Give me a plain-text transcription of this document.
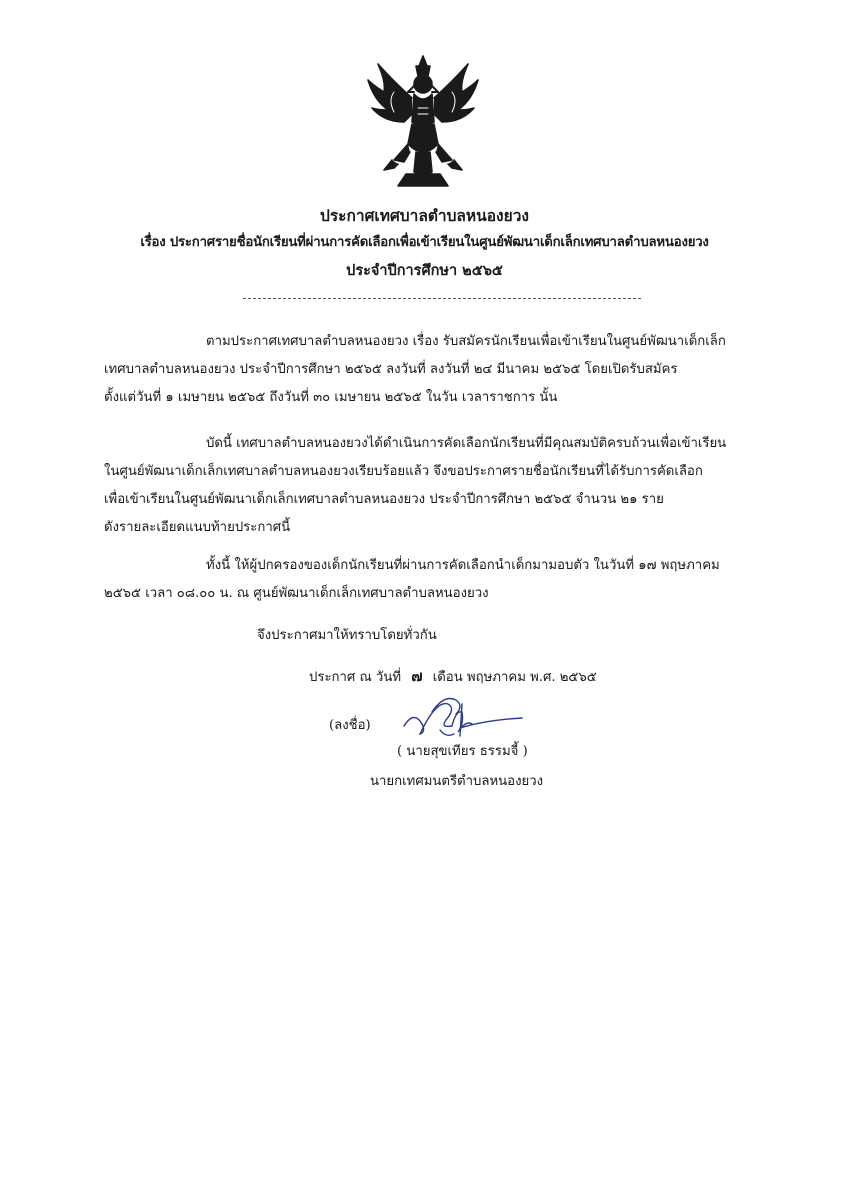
ประกาศเทศบาลตำบลหนองยวง
เรื่อง ประกาศรายชื่อนักเรียนที่ผ่านการคัดเลือกเพื่อเข้าเรียนในศูนย์พัฒนาเด็กเล็กเทศบาลตำบลหนองยวง
ประจำปีการศึกษา ๒๕๖๕
ตามประกาศเทศบาลตำบลหนองยวง เรื่อง รับสมัครนักเรียนเพื่อเข้าเรียนในศูนย์พัฒนาเด็กเล็ก
เทศบาลตำบลหนองยวง ประจำปีการศึกษา ๒๕๖๕ ลงวันที่ ลงวันที่ ๒๔ มีนาคม ๒๕๖๕ โดยเปิดรับสมัคร
ตั้งแต่วันที่ ๑ เมษายน ๒๕๖๕ ถึงวันที่ ๓๐ เมษายน ๒๕๖๕ ในวัน เวลาราชการ นั้น
บัดนี้ เทศบาลตำบลหนองยวงได้ดำเนินการคัดเลือกนักเรียนที่มีคุณสมบัติครบถ้วนเพื่อเข้าเรียน
ในศูนย์พัฒนาเด็กเล็กเทศบาลตำบลหนองยวงเรียบร้อยแล้ว จึงขอประกาศรายชื่อนักเรียนที่ได้รับการคัดเลือก
เพื่อเข้าเรียนในศูนย์พัฒนาเด็กเล็กเทศบาลตำบลหนองยวง ประจำปีการศึกษา ๒๕๖๕ จำนวน ๒๑ ราย
ดังรายละเอียดแนบท้ายประกาศนี้
ทั้งนี้ ให้ผู้ปกครองของเด็กนักเรียนที่ผ่านการคัดเลือกนำเด็กมามอบตัว ในวันที่ ๑๗ พฤษภาคม
๒๕๖๕ เวลา ๐๘.๐๐ น. ณ ศูนย์พัฒนาเด็กเล็กเทศบาลตำบลหนองยวง
จึงประกาศมาให้ทราบโดยทั่วกัน
ประกาศ ณ วันที่ ๗ เดือน พฤษภาคม พ.ศ. ๒๕๖๕
(ลงชื่อ)
( นายสุขเทียร ธรรมจี้ )
นายกเทศมนตรีตำบลหนองยวง
